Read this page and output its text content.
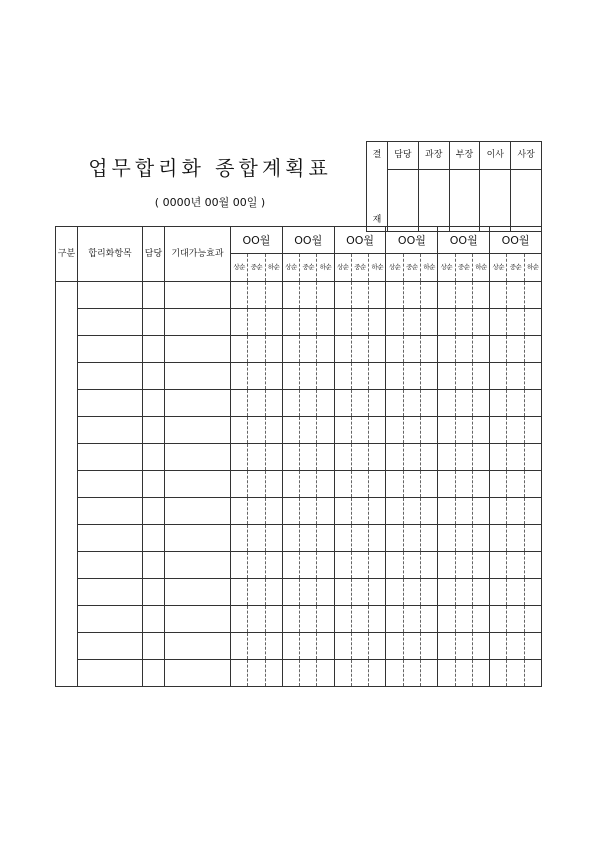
업무합리화 종합계획표
( 0000년 00월 00일 )
결	담당	과장	부장	이사	사장
재					
구분	합리화항목	담당	기대가능효과	OO월			OO월			OO월			OO월			OO월			OO월		
				상순	중순	하순	상순	중순	하순	상순	중순	하순	상순	중순	하순	상순	중순	하순	상순	중순	하순
